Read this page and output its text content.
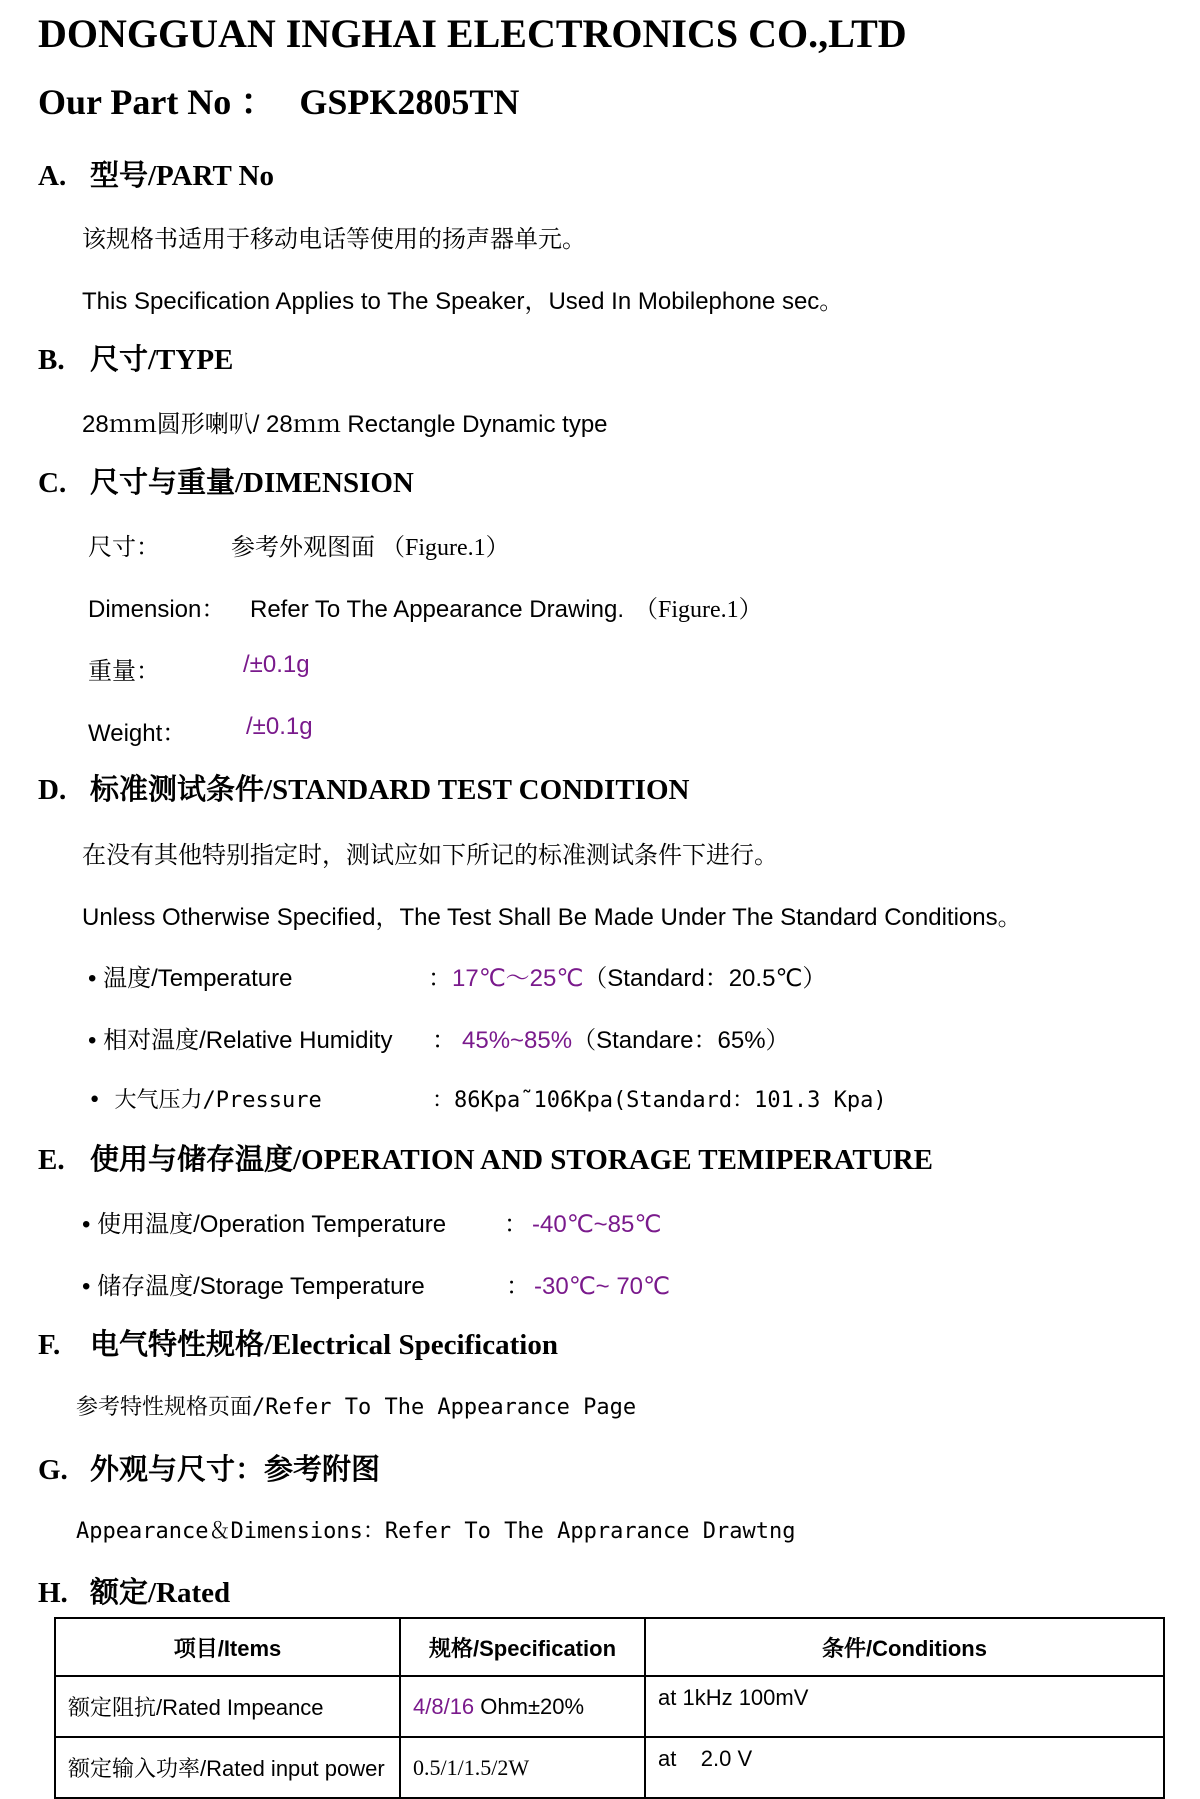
DONGGUAN INGHAI ELECTRONICS CO.,LTD
Our Part No ： GSPK2805TN
A. 型号/PART No
该规格书适用于移动电话等使用的扬声器单元。
This Specification Applies to The Speaker，Used In Mobilephone sec。
B. 尺寸/TYPE
28ｍｍ圆形喇叭/ 28ｍｍ Rectangle Dynamic type
C. 尺寸与重量/DIMENSION
尺寸：	参考外观图面 （Figure.1）
Dimension： Refer To The Appearance Drawing. （Figure.1）
重量：	/±0.1g
Weight： /±0.1g
D. 标准测试条件/STANDARD TEST CONDITION
在没有其他特别指定时，测试应如下所记的标准测试条件下进行。
Unless Otherwise Specified，The Test Shall Be Made Under The Standard Conditions。
• 温度/Temperature	：17℃～25℃（Standard：20.5℃）
• 相对温度/Relative Humidity ： 45%~85%（Standare：65%）
• 大气压力/Pressure	：86Kpa˜106Kpa(Standard：101.3 Kpa)
E. 使用与储存温度/OPERATION AND STORAGE TEMIPERATURE
• 使用温度/Operation Temperature ： -40℃~85℃
• 储存温度/Storage Temperature	： -30℃~ 70℃
F. 电气特性规格/Electrical Specification
参考特性规格页面/Refer To The Appearance Page
G. 外观与尺寸：参考附图
Appearance＆Dimensions：Refer To The Apprarance Drawtng
H. 额定/Rated
项目/Items	规格/Specification	条件/Conditions
额定阻抗/Rated Impeance	4/8/16 Ohm±20%	at 1kHz 100mV
额定输入功率/Rated input power	0.5/1/1.5/2W	at    2.0 V
